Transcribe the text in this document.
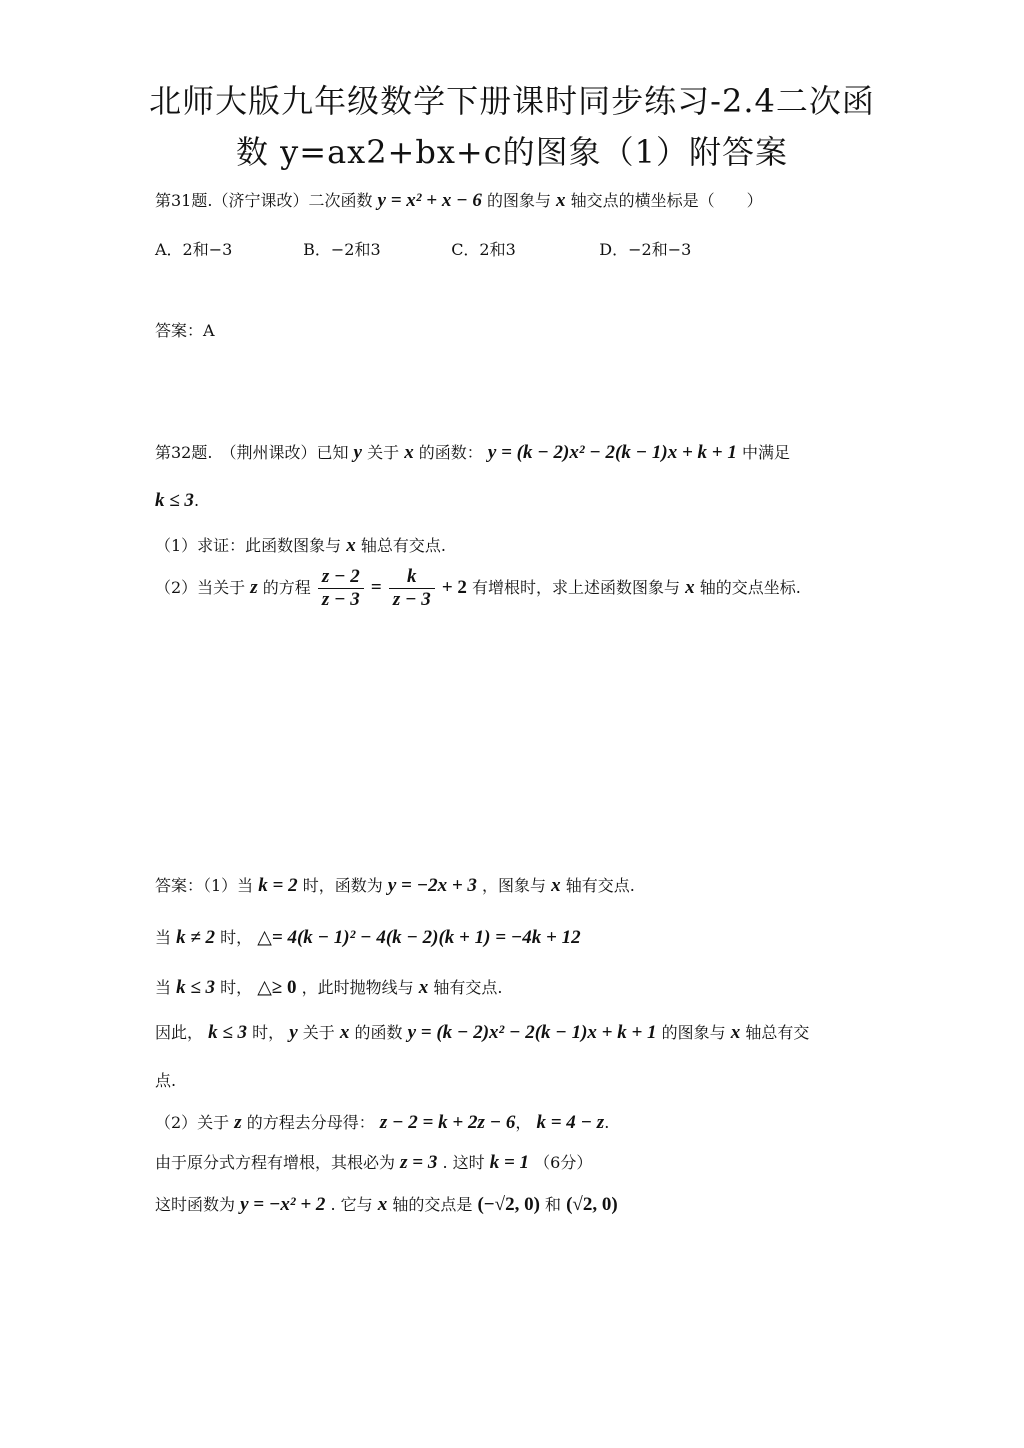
北师大版九年级数学下册课时同步练习-2.4二次函
数 y=ax2+bx+c的图象（1）附答案
第31题.（济宁课改）二次函数 y = x² + x − 6 的图象与 x 轴交点的横坐标是（　　）
A．2和−3	B．−2和3	C．2和3	D．−2和−3
答案：A
第32题.　（荆州课改）已知 y 关于 x 的函数： y = (k − 2)x² − 2(k − 1)x + k + 1 中满足
k ≤ 3.
（1）求证：此函数图象与 x 轴总有交点.
（2）当关于 z 的方程 $\frac{z - 2}{z - 3} = \frac{k}{z - 3} + 2$ 有增根时，求上述函数图象与 x 轴的交点坐标.
答案：（1）当 k = 2 时，函数为 y = −2x + 3 ，图象与 x 轴有交点.
当 k ≠ 2 时， △= 4(k − 1)² − 4(k − 2)(k + 1) = −4k + 12
当 k ≤ 3 时， △≥ 0 ，此时抛物线与 x 轴有交点.
因此， k ≤ 3 时， y 关于 x 的函数 y = (k − 2)x² − 2(k − 1)x + k + 1 的图象与 x 轴总有交
点.
（2）关于 z 的方程去分母得： z − 2 = k + 2z − 6， k = 4 − z.
由于原分式方程有增根，其根必为 z = 3 . 这时 k = 1 （6分）
这时函数为 y = −x² + 2 . 它与 x 轴的交点是 (−√2, 0) 和 (√2, 0)
